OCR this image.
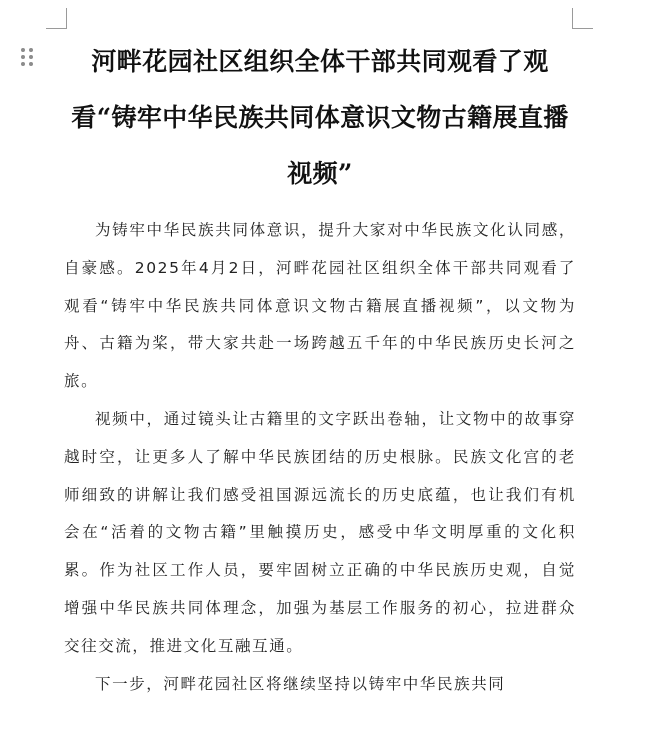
河畔花园社区组织全体干部共同观看了观看“铸牢中华民族共同体意识文物古籍展直播视频”

为铸牢中华民族共同体意识，提升大家对中华民族文化认同感，自豪感。2025年4月2日，河畔花园社区组织全体干部共同观看了观看“铸牢中华民族共同体意识文物古籍展直播视频”，以文物为舟、古籍为桨，带大家共赴一场跨越五千年的中华民族历史长河之旅。

视频中，通过镜头让古籍里的文字跃出卷轴，让文物中的故事穿越时空，让更多人了解中华民族团结的历史根脉。民族文化宫的老师细致的讲解让我们感受祖国源远流长的历史底蕴，也让我们有机会在“活着的文物古籍”里触摸历史，感受中华文明厚重的文化积累。作为社区工作人员，要牢固树立正确的中华民族历史观，自觉增强中华民族共同体理念，加强为基层工作服务的初心，拉进群众交往交流，推进文化互融互通。

下一步，河畔花园社区将继续坚持以铸牢中华民族共同
